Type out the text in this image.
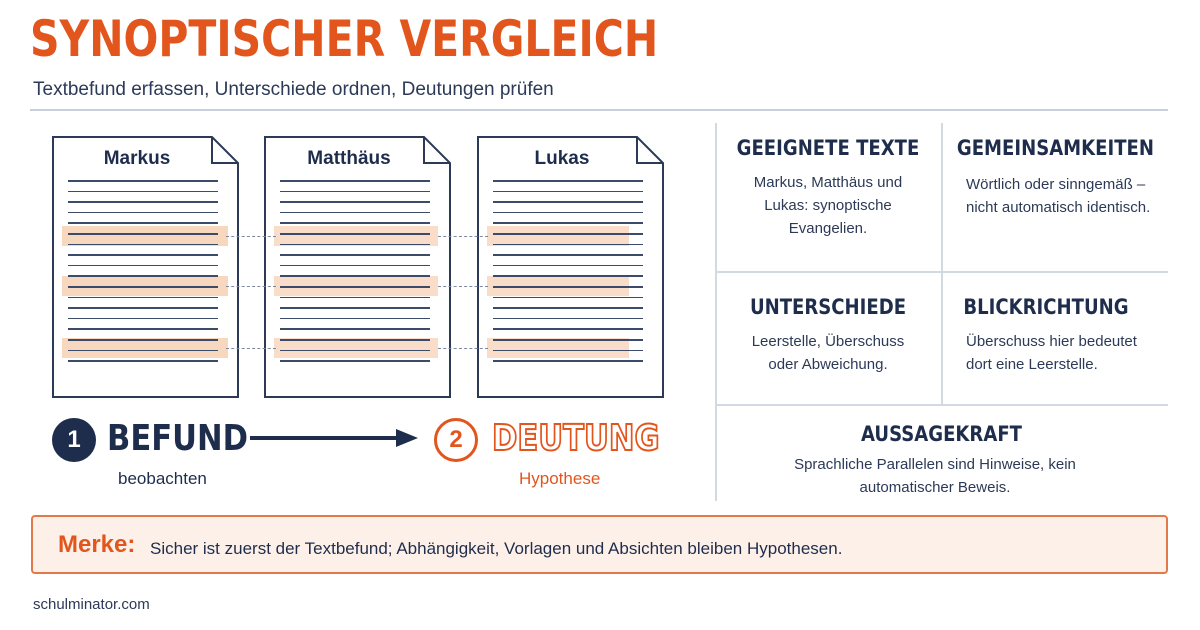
SYNOPTISCHER VERGLEICH
Textbefund erfassen, Unterschiede ordnen, Deutungen prüfen
Markus	Matthäus	Lukas
1 BEFUND
beobachten
2 DEUTUNG
Hypothese
GEEIGNETE TEXTE
Markus, Matthäus und Lukas: synoptische Evangelien.
GEMEINSAMKEITEN
Wörtlich oder sinngemäß – nicht automatisch identisch.
UNTERSCHIEDE
Leerstelle, Überschuss oder Abweichung.
BLICKRICHTUNG
Überschuss hier bedeutet dort eine Leerstelle.
AUSSAGEKRAFT
Sprachliche Parallelen sind Hinweise, kein automatischer Beweis.
Merke: Sicher ist zuerst der Textbefund; Abhängigkeit, Vorlagen und Absichten bleiben Hypothesen.
schulminator.com
